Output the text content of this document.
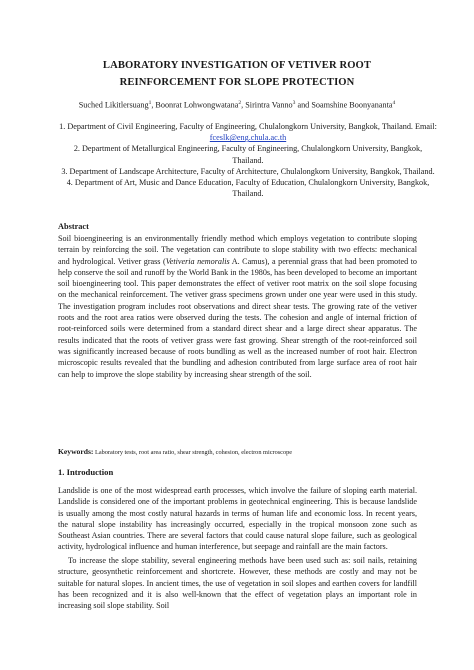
LABORATORY INVESTIGATION OF VETIVER ROOT
REINFORCEMENT FOR SLOPE PROTECTION
Suched Likitlersuang$^1$, Boonrat Lohwongwatana$^2$, Sirintra Vanno$^3$ and Soamshine Boonyananta$^4$

1. Department of Civil Engineering, Faculty of Engineering, Chulalongkorn University, Bangkok, Thailand. Email: fceslk@eng.chula.ac.th

2. Department of Metallurgical Engineering, Faculty of Engineering, Chulalongkorn University, Bangkok, Thailand.

3. Department of Landscape Architecture, Faculty of Architecture, Chulalongkorn University, Bangkok, Thailand.

4. Department of Art, Music and Dance Education, Faculty of Education, Chulalongkorn University, Bangkok, Thailand.

Abstract

Soil bioengineering is an environmentally friendly method which employs vegetation to contribute sloping terrain by reinforcing the soil. The vegetation can contribute to slope stability with two effects: mechanical and hydrological. Vetiver grass (Vetiveria nemoralis A. Camus), a perennial grass that had been promoted to help conserve the soil and runoff by the World Bank in the 1980s, has been developed to become an important soil bioengineering tool. This paper demonstrates the effect of vetiver root matrix on the soil slope focusing on the mechanical reinforcement. The vetiver grass specimens grown under one year were used in this study. The investigation program includes root observations and direct shear tests. The growing rate of the vetiver roots and the root area ratios were observed during the tests. The cohesion and angle of internal friction of root-reinforced soils were determined from a standard direct shear and a large direct shear apparatus. The results indicated that the roots of vetiver grass were fast growing. Shear strength of the root-reinforced soil was significantly increased because of roots bundling as well as the increased number of root hair. Electron microscopic results revealed that the bundling and adhesion contributed from large surface area of root hair can help to improve the slope stability by increasing shear strength of the soil.

Keywords: Laboratory tests, root area ratio, shear strength, cohesion, electron microscope
1. Introduction

Landslide is one of the most widespread earth processes, which involve the failure of sloping earth material. Landslide is considered one of the important problems in geotechnical engineering. This is because landslide is usually among the most costly natural hazards in terms of human life and economic loss. In recent years, the natural slope instability has increasingly occurred, especially in the tropical monsoon zone such as Southeast Asian countries. There are several factors that could cause natural slope failure, such as geological activity, hydrological influence and human interference, but seepage and rainfall are the main factors.

To increase the slope stability, several engineering methods have been used such as: soil nails, retaining structure, geosynthetic reinforcement and shortcrete. However, these methods are costly and may not be suitable for natural slopes. In ancient times, the use of vegetation in soil slopes and earthen covers for landfill has been recognized and it is also well-known that the effect of vegetation plays an important role in increasing soil slope stability. Soil
